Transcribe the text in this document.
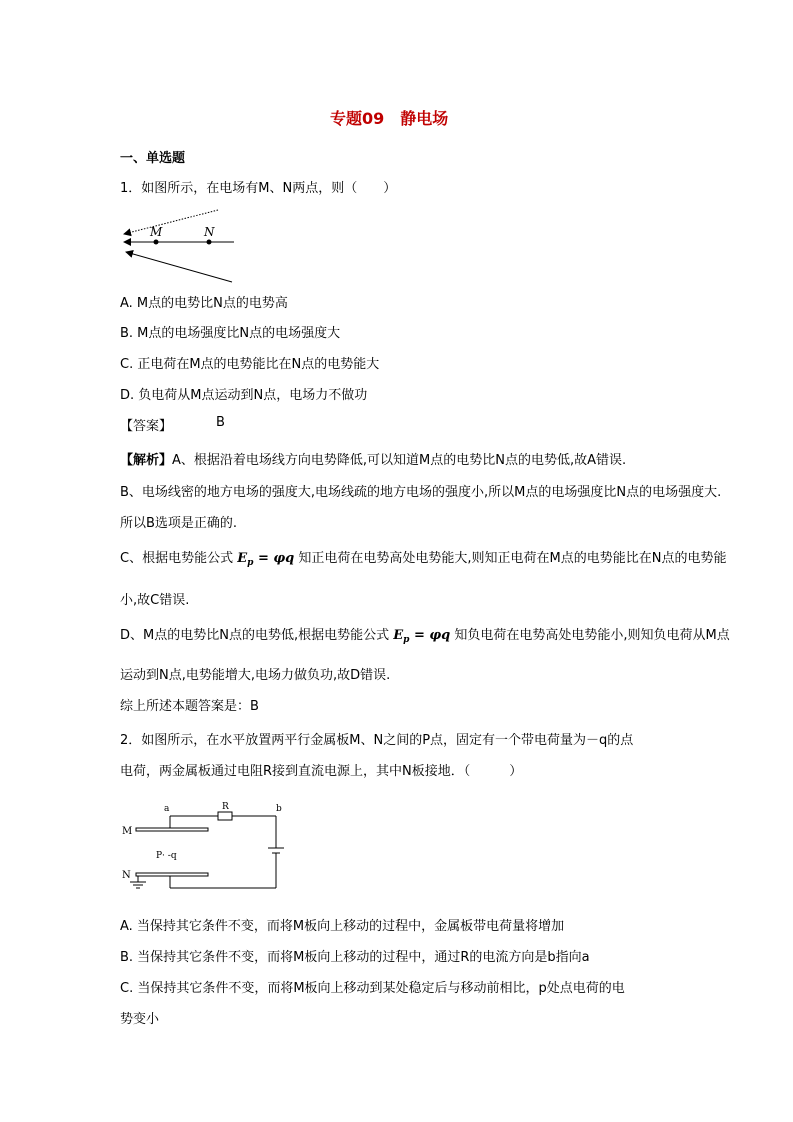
专题09　静电场
一、单选题
1．如图所示，在电场有M、N两点，则（　　）
M	N
A. M点的电势比N点的电势高
B. M点的电场强度比N点的电场强度大
C. 正电荷在M点的电势能比在N点的电势能大
D. 负电荷从M点运动到N点，电场力不做功
【答案】	B
【解析】A、根据沿着电场线方向电势降低,可以知道M点的电势比N点的电势低,故A错误.
B、电场线密的地方电场的强度大,电场线疏的地方电场的强度小,所以M点的电场强度比N点的电场强度大.
所以B选项是正确的.
C、根据电势能公式 $E_p = \varphi q$ 知正电荷在电势高处电势能大,则知正电荷在M点的电势能比在N点的电势能
小,故C错误.
D、M点的电势比N点的电势低,根据电势能公式 $E_p = \varphi q$ 知负电荷在电势高处电势能小,则知负电荷从M点
运动到N点,电势能增大,电场力做负功,故D错误.
综上所述本题答案是：B
2．如图所示，在水平放置两平行金属板M、N之间的P点，固定有一个带电荷量为－q的点
电荷，两金属板通过电阻R接到直流电源上，其中N板接地．（　　　）
a	R	b
M
N
P· -q
A. 当保持其它条件不变，而将M板向上移动的过程中，金属板带电荷量将增加
B. 当保持其它条件不变，而将M板向上移动的过程中，通过R的电流方向是b指向a
C. 当保持其它条件不变，而将M板向上移动到某处稳定后与移动前相比，p处点电荷的电
势变小
